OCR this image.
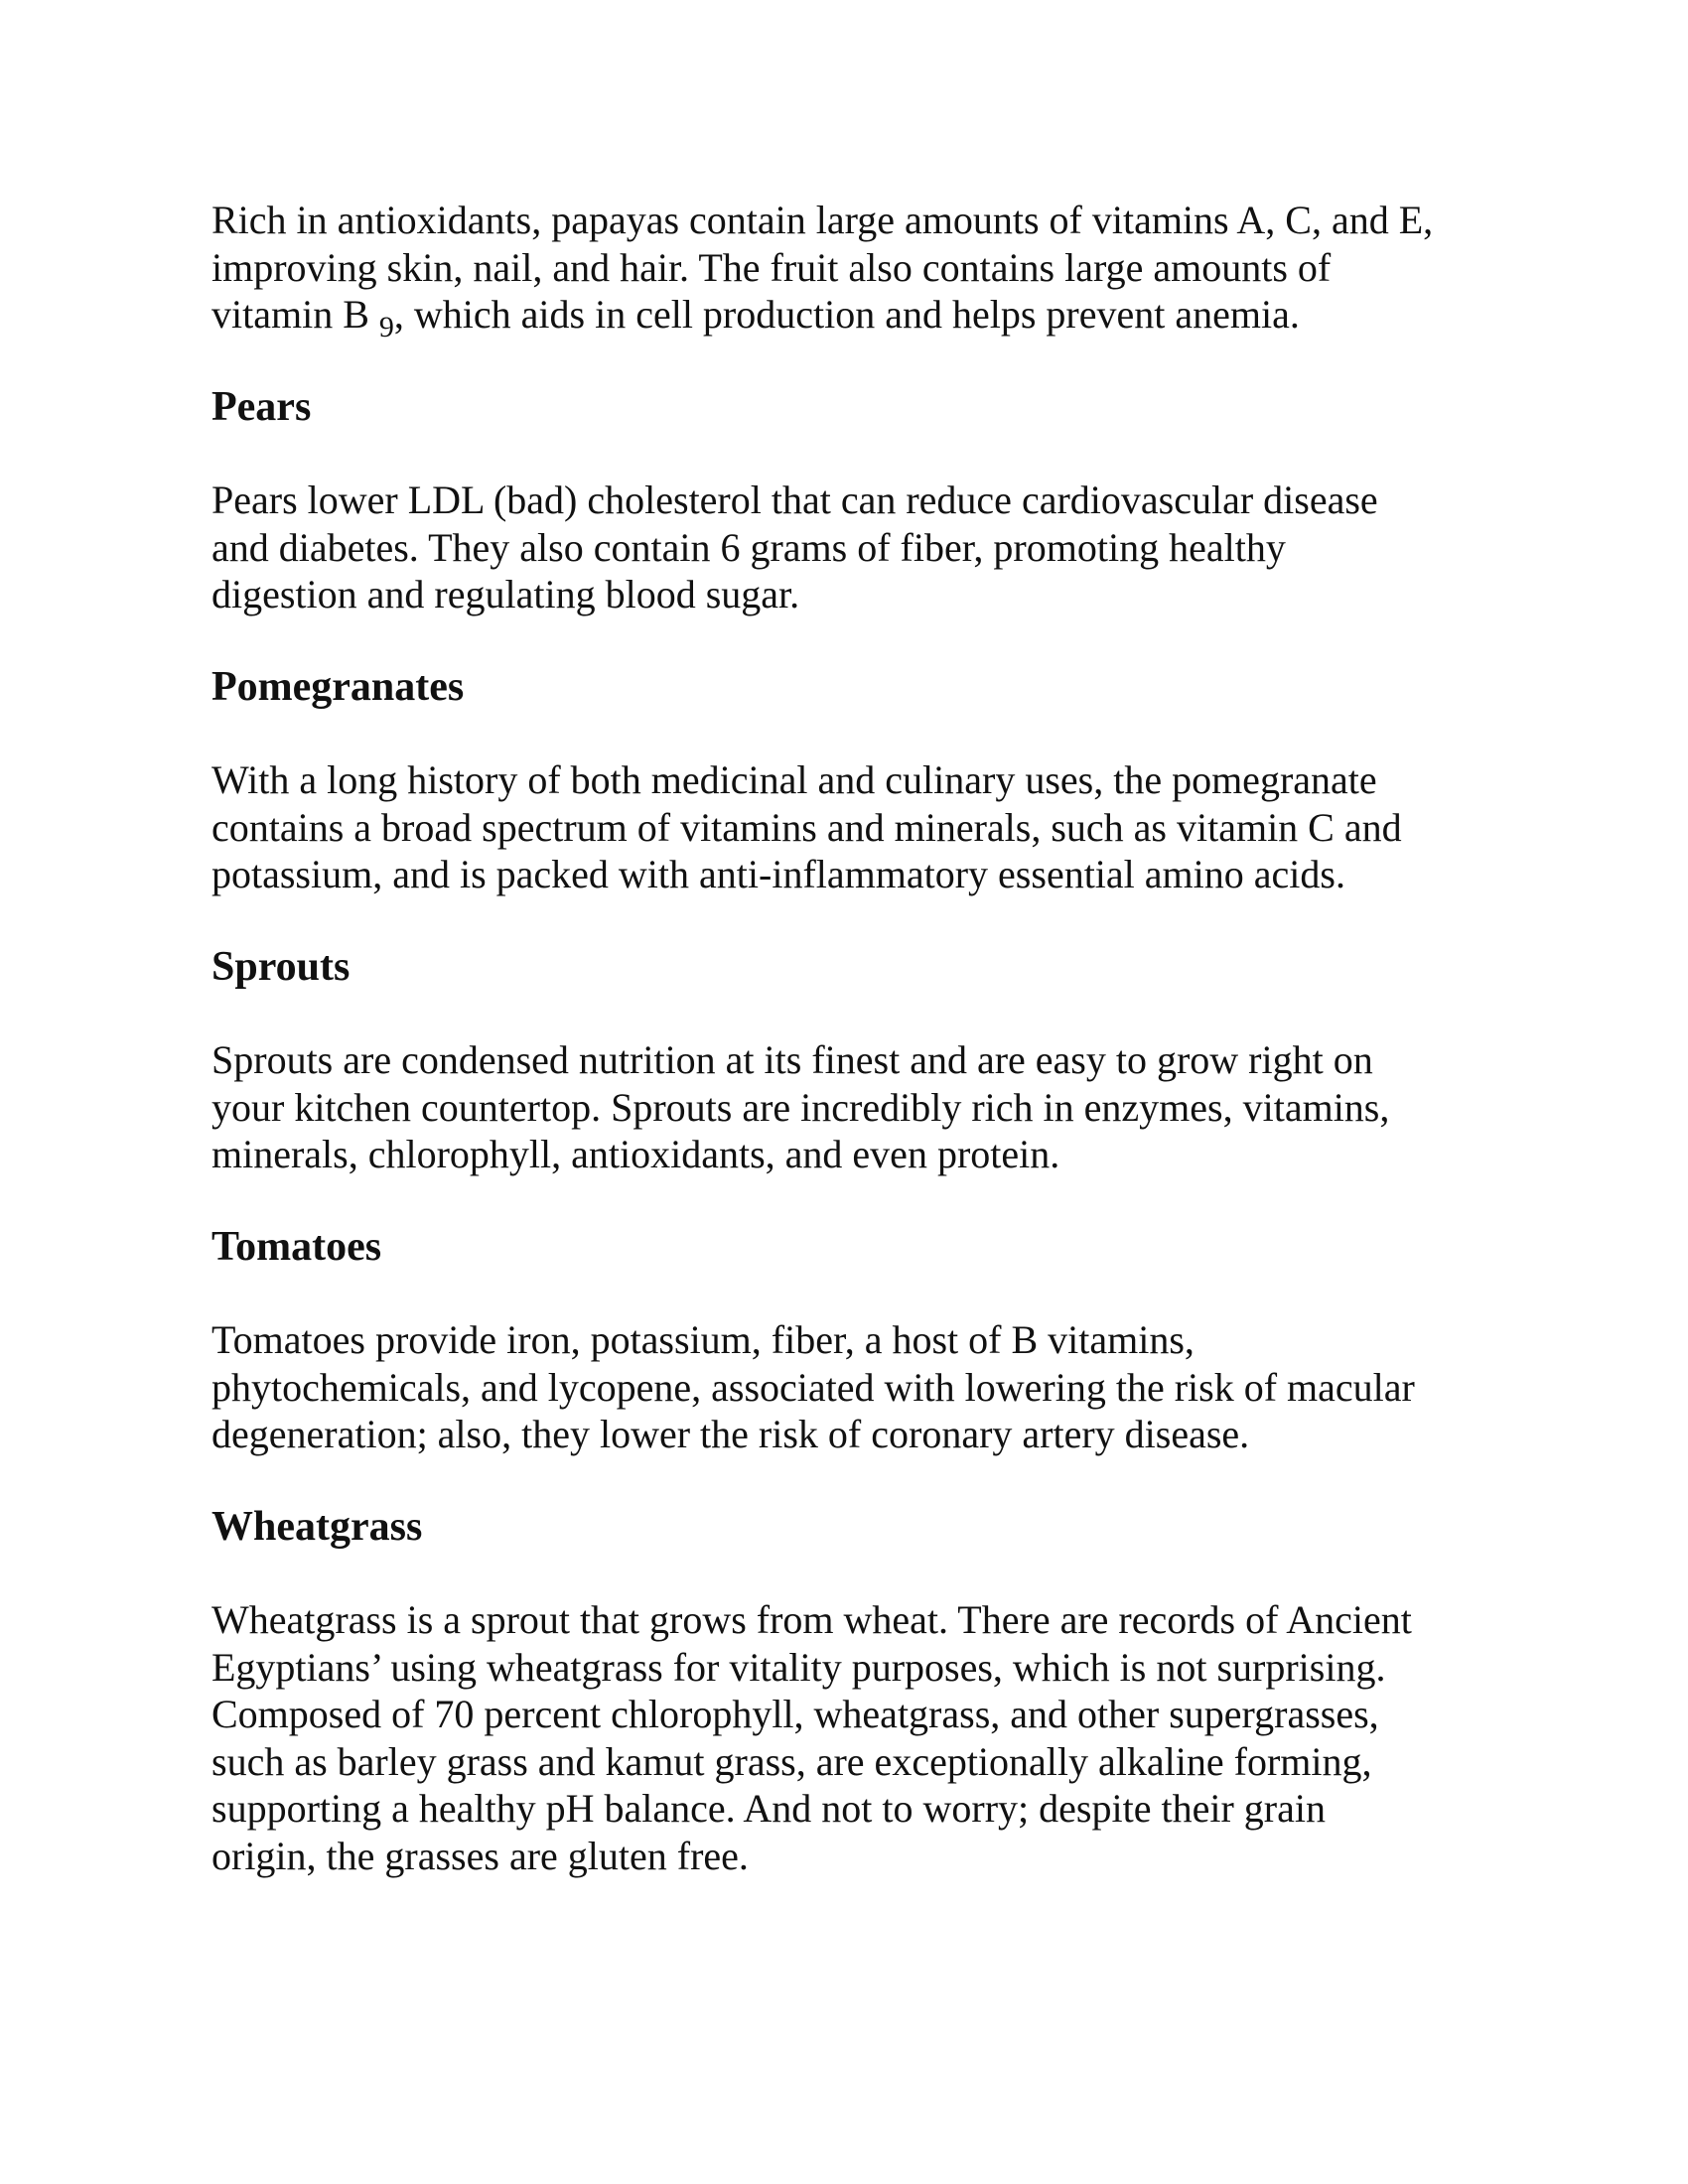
Rich in antioxidants, papayas contain large amounts of vitamins A, C, and E,
improving skin, nail, and hair. The fruit also contains large amounts of
vitamin B $_9$, which aids in cell production and helps prevent anemia.

Pears

Pears lower LDL (bad) cholesterol that can reduce cardiovascular disease
and diabetes. They also contain 6 grams of fiber, promoting healthy
digestion and regulating blood sugar.

Pomegranates

With a long history of both medicinal and culinary uses, the pomegranate
contains a broad spectrum of vitamins and minerals, such as vitamin C and
potassium, and is packed with anti-inflammatory essential amino acids.

Sprouts

Sprouts are condensed nutrition at its finest and are easy to grow right on
your kitchen countertop. Sprouts are incredibly rich in enzymes, vitamins,
minerals, chlorophyll, antioxidants, and even protein.

Tomatoes

Tomatoes provide iron, potassium, fiber, a host of B vitamins,
phytochemicals, and lycopene, associated with lowering the risk of macular
degeneration; also, they lower the risk of coronary artery disease.

Wheatgrass

Wheatgrass is a sprout that grows from wheat. There are records of Ancient
Egyptians’ using wheatgrass for vitality purposes, which is not surprising.
Composed of 70 percent chlorophyll, wheatgrass, and other supergrasses,
such as barley grass and kamut grass, are exceptionally alkaline forming,
supporting a healthy pH balance. And not to worry; despite their grain
origin, the grasses are gluten free.
